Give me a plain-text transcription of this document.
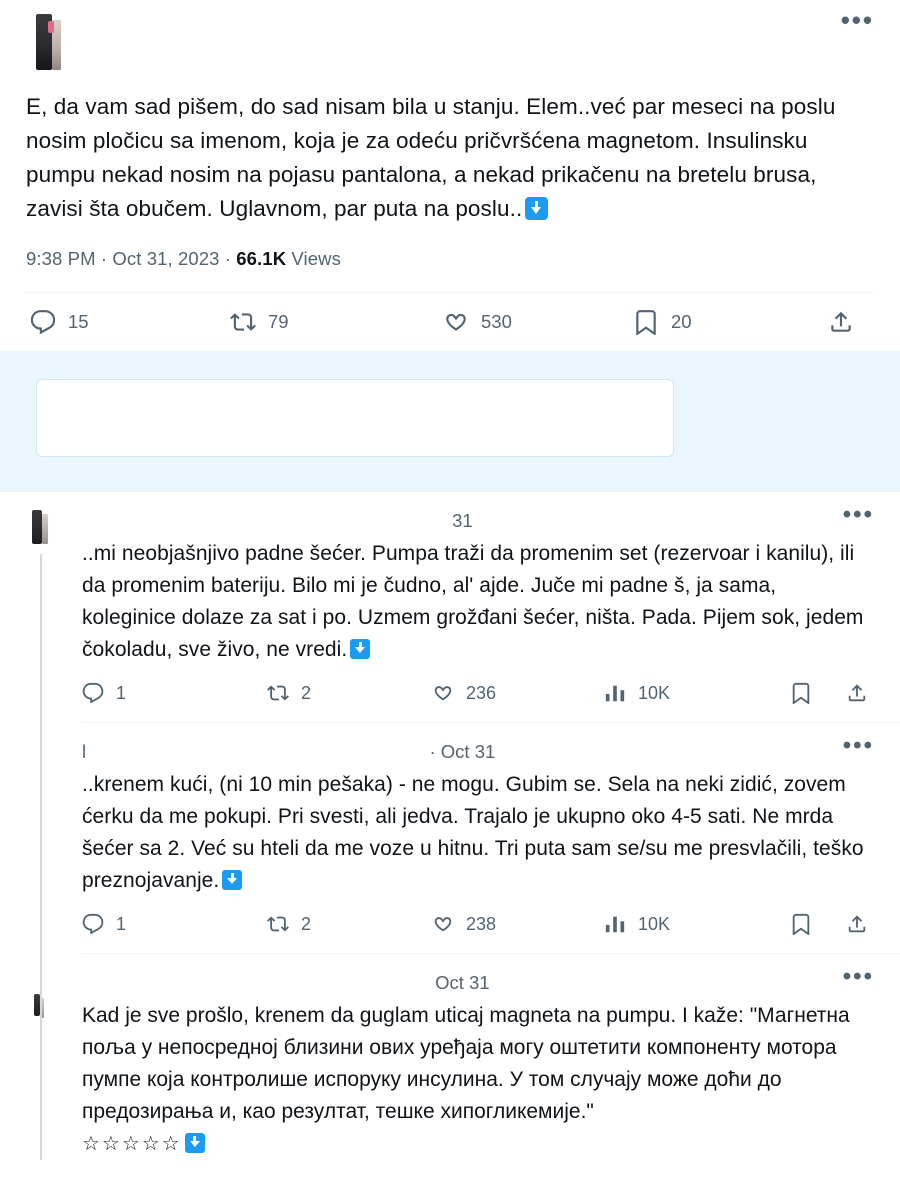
•••
E, da vam sad pišem, do sad nisam bila u stanju. Elem..već par meseci na poslu nosim pločicu sa imenom, koja je za odeću pričvršćena magnetom. Insulinsku pumpu nekad nosim na pojasu pantalona, a nekad prikačenu na bretelu brusa, zavisi šta obučem. Uglavnom, par puta na poslu..
9:38 PM · Oct 31, 2023 · 66.1K Views
15	79	530	20
31	•••
..mi neobjašnjivo padne šećer. Pumpa traži da promenim set (rezervoar i kanilu), ili da promenim bateriju. Bilo mi je čudno, al' ajde. Juče mi padne š, ja sama, koleginice dolaze za sat i po. Uzmem grožđani šećer, ništa. Pada. Pijem sok, jedem čokoladu, sve živo, ne vredi.
1	2	236	10K
l	· Oct 31	•••
..krenem kući, (ni 10 min pešaka) - ne mogu. Gubim se. Sela na neki zidić, zovem ćerku da me pokupi. Pri svesti, ali jedva. Trajalo je ukupno oko 4-5 sati. Ne mrda šećer sa 2. Već su hteli da me voze u hitnu. Tri puta sam se/su me presvlačili, teško preznojavanje.
1	2	238	10K
Oct 31	•••
Kad je sve prošlo, krenem da guglam uticaj magneta na pumpu. I kaže: "Магнетна поља у непосредној близини ових уређаја могу оштетити компоненту мотора пумпе која контролише испоруку инсулина. У том случају може доћи до предозирања и, као резултат, тешке хипогликемије."
☆☆☆☆☆
